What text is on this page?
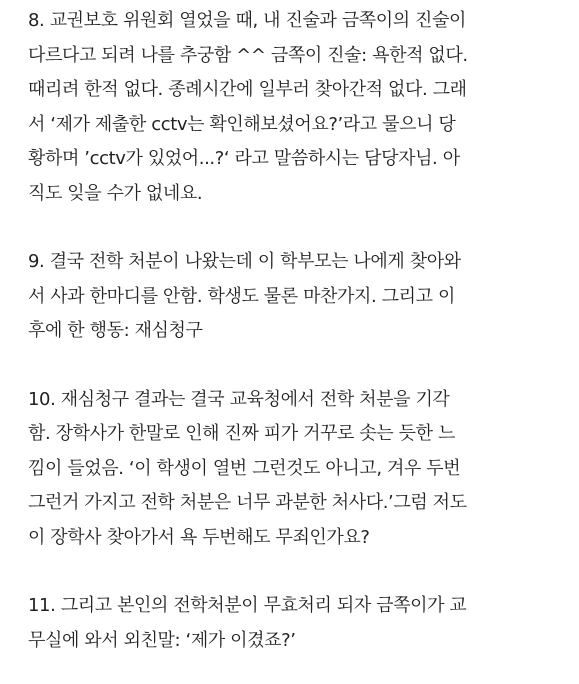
8. 교권보호 위원회 열었을 때, 내 진술과 금쪽이의 진술이
다르다고 되려 나를 추궁함 ^^ 금쪽이 진술: 욕한적 없다.
때리려 한적 없다. 종례시간에 일부러 찾아간적 없다. 그래
서 ‘제가 제출한 cctv는 확인해보셨어요?’라고 물으니 당
황하며 ’cctv가 있었어...?‘ 라고 말씀하시는 담당자님. 아
직도 잊을 수가 없네요.

9. 결국 전학 처분이 나왔는데 이 학부모는 나에게 찾아와
서 사과 한마디를 안함. 학생도 물론 마찬가지. 그리고 이
후에 한 행동: 재심청구

10. 재심청구 결과는 결국 교육청에서 전학 처분을 기각
함. 장학사가 한말로 인해 진짜 피가 거꾸로 솟는 듯한 느
낌이 들었음. ‘이 학생이 열번 그런것도 아니고, 겨우 두번
그런거 가지고 전학 처분은 너무 과분한 처사다.’그럼 저도
이 장학사 찾아가서 욕 두번해도 무죄인가요?

11. 그리고 본인의 전학처분이 무효처리 되자 금쪽이가 교
무실에 와서 외친말: ‘제가 이겼죠?’
